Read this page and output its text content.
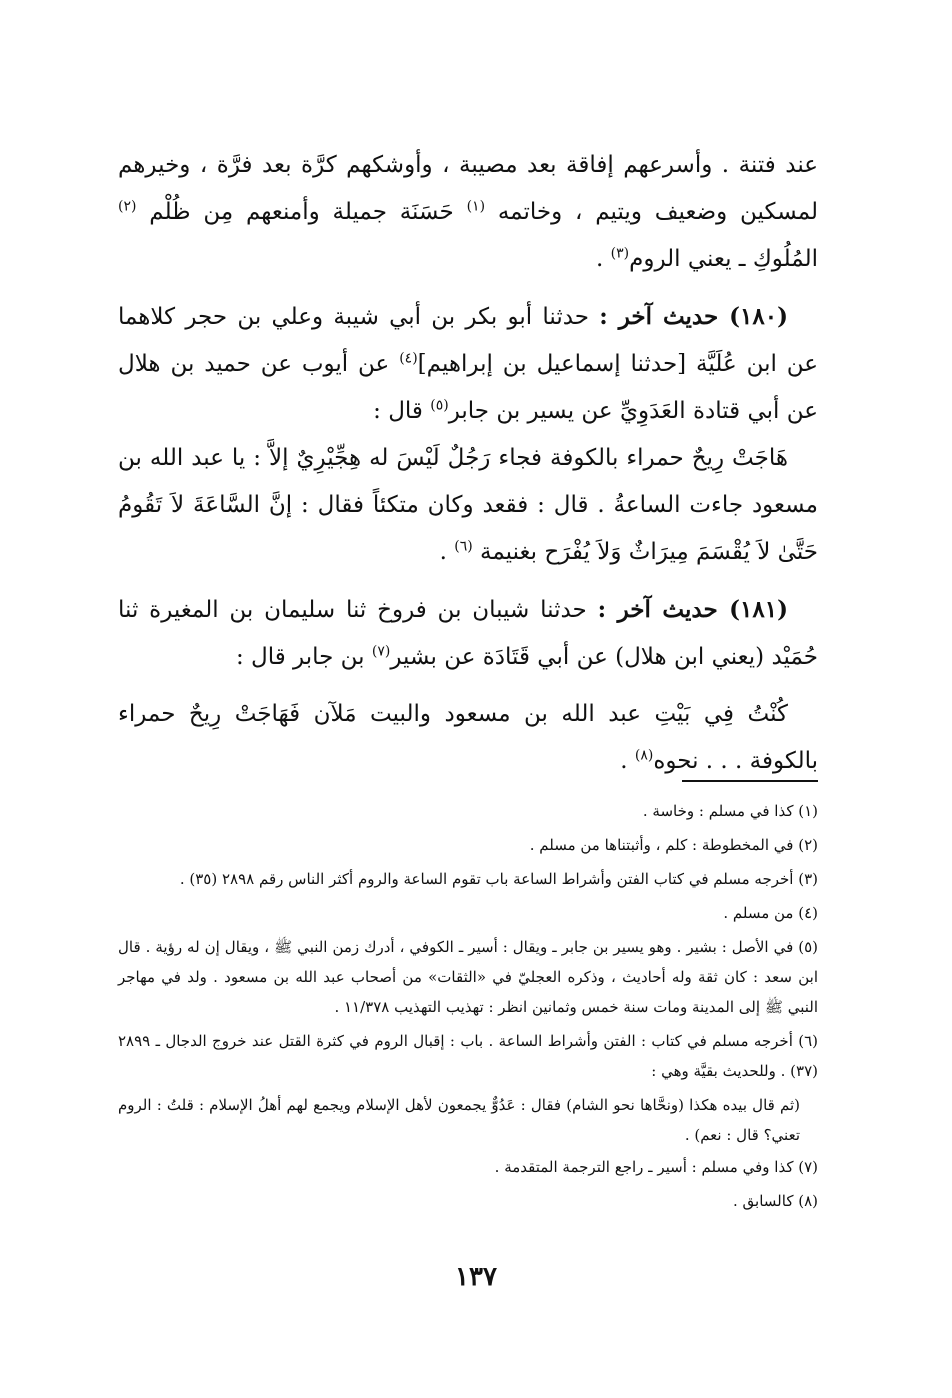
عند فتنة . وأسرعهم إفاقة بعد مصيبة ، وأوشكهم كرَّة بعد فرَّة ، وخيرهم لمسكين وضعيف ويتيم ، وخاتمه $^{(١)}$ حَسَنَة جميلة وأمنعهم مِن ظُلْم $^{(٢)}$ المُلُوكِ ـ يعني الروم$^{(٣)}$ .

(١٨٠) حديث آخر : حدثنا أبو بكر بن أبي شيبة وعلي بن حجر كلاهما عن ابن عُلَيَّة [حدثنا إسماعيل بن إبراهيم]$^{(٤)}$ عن أيوب عن حميد بن هلال عن أبي قتادة العَدَوِيِّ عن يسير بن جابر$^{(٥)}$ قال :

هَاجَتْ رِيحٌ حمراء بالكوفة فجاء رَجُلٌ لَيْسَ له هِجِّيْرِيٌ إلاَّ : يا عبد الله بن مسعود جاءت الساعةُ . قال : فقعد وكان متكئاً فقال : إنَّ السَّاعَةَ لاَ تَقُومُ حَتَّىٰ لاَ يُقْسَمَ مِيرَاثٌ وَلاَ يُفْرَح بغنيمة $^{(٦)}$ .

(١٨١) حديث آخر : حدثنا شيبان بن فروخ ثنا سليمان بن المغيرة ثنا حُمَيْد (يعني ابن هلال) عن أبي قَتَادَة عن بشير$^{(٧)}$ بن جابر قال :

كُنْتُ فِي بَيْتِ عبد الله بن مسعود والبيت مَلآن فَهَاجَتْ رِيحٌ حمراء بالكوفة . . . نحوه$^{(٨)}$ .

(١) كذا في مسلم : وخاسة .

(٢) في المخطوطة : كلم ، وأثبتناها من مسلم .

(٣) أخرجه مسلم في كتاب الفتن وأشراط الساعة باب تقوم الساعة والروم أكثر الناس رقم ٢٨٩٨ (٣٥) .

(٤) من مسلم .

(٥) في الأصل : بشير . وهو يسير بن جابر ـ ويقال : أسير ـ الكوفي ، أدرك زمن النبي ﷺ ، ويقال إن له رؤية . قال ابن سعد : كان ثقة وله أحاديث ، وذكره العجليّ في «الثقات» من أصحاب عبد الله بن مسعود . ولد في مهاجر النبي ﷺ إلى المدينة ومات سنة خمس وثمانين انظر : تهذيب التهذيب ١١/٣٧٨ .

(٦) أخرجه مسلم في كتاب : الفتن وأشراط الساعة . باب : إقبال الروم في كثرة القتل عند خروج الدجال ـ ٢٨٩٩ (٣٧) . وللحديث بقيَّة وهي :

(ثم قال بيده هكذا (ونحَّاها نحو الشام) فقال : عَدُوٌّ يجمعون لأهل الإسلام ويجمع لهم أهلُ الإسلام : قلتُ : الروم تعني؟ قال : نعم) .

(٧) كذا وفي مسلم : أسير ـ راجع الترجمة المتقدمة .

(٨) كالسابق .

١٣٧
